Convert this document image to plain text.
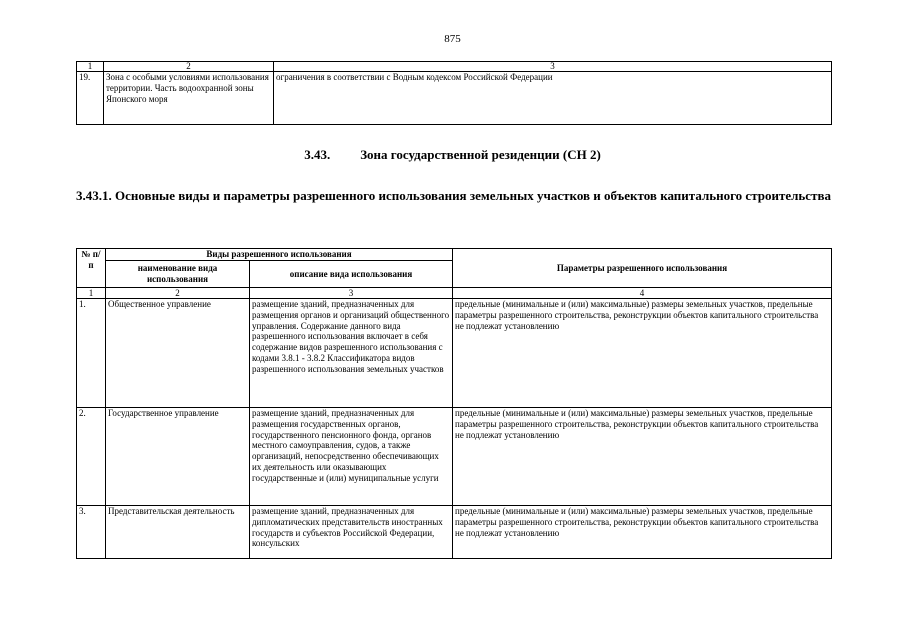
875
1	2	3
19.	Зона с особыми условиями использования территории. Часть водоохранной зоны Японского моря	ограничения в соответствии с Водным кодексом Российской Федерации
3.43. Зона государственной резиденции (СН 2)
3.43.1. Основные виды и параметры разрешенного использования земельных участков и объектов капитального строительства
№ п/п	Виды разрешенного использования		Параметры разрешенного использования
	наименование вида использования	описание вида использования	
1	2	3	4
1.	Общественное управление	размещение зданий, предназначенных для размещения органов и организаций общественного управления. Содержание данного вида разрешенного использования включает в себя содержание видов разрешенного использования с кодами 3.8.1 - 3.8.2 Классификатора видов разрешенного использования земельных участков	предельные (минимальные и (или) максимальные) размеры земельных участков, предельные параметры разрешенного строительства, реконструкции объектов капитального строительства не подлежат установлению
2.	Государственное управление	размещение зданий, предназначенных для размещения государственных органов, государственного пенсионного фонда, органов местного самоуправления, судов, а также организаций, непосредственно обеспечивающих их деятельность или оказывающих государственные и (или) муниципальные услуги	предельные (минимальные и (или) максимальные) размеры земельных участков, предельные параметры разрешенного строительства, реконструкции объектов капитального строительства не подлежат установлению
3.	Представительская деятельность	размещение зданий, предназначенных для дипломатических представительств иностранных государств и субъектов Российской Федерации, консульских	предельные (минимальные и (или) максимальные) размеры земельных участков, предельные параметры разрешенного строительства, реконструкции объектов капитального строительства не подлежат установлению
